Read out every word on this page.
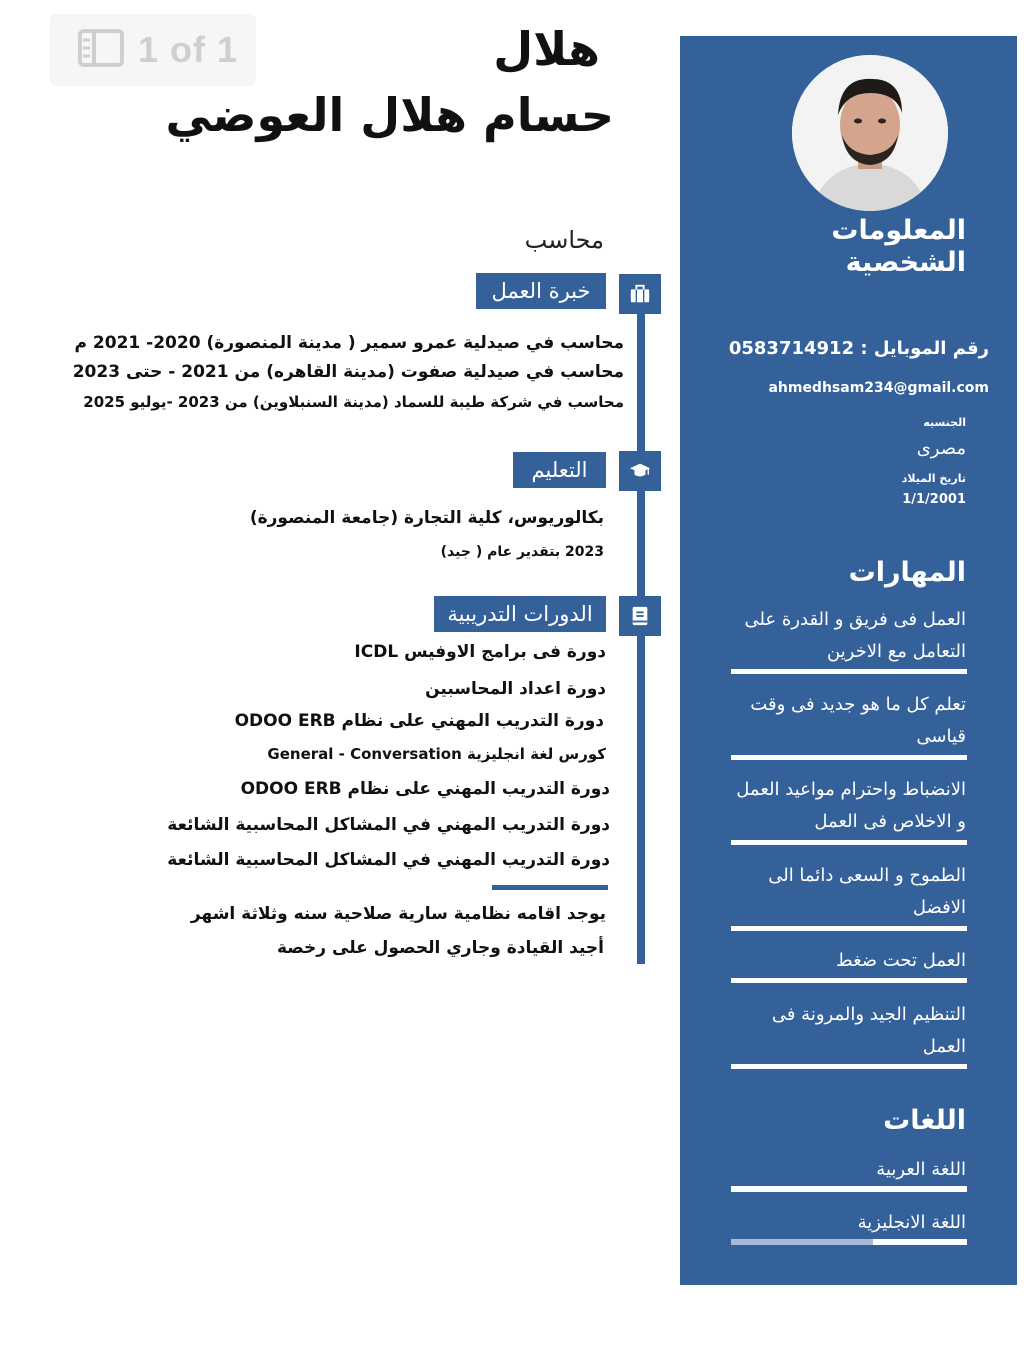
1 of 1	هلال
حسام هلال العوضي
محاسب
خبرة العمل
محاسب في صيدلية عمرو سمير ( مدينة المنصورة) 2020- 2021 م
محاسب في صيدلية صفوت (مدينة القاهره) من 2021 - حتى 2023
محاسب في شركة طيبة للسماد (مدينة السنبلاوين) من 2023 -يوليو 2025
التعليم
بكالوريوس، كلية التجارة (جامعة المنصورة)
2023 بتقدير عام ( جيد)
الدورات التدريبية
دورة فى برامج الاوفيس ICDL
دورة اعداد المحاسبين
دورة التدريب المهني على نظام ODOO ERB
كورس لغة انجليزية General - Conversation
دورة التدريب المهني على نظام ODOO ERB
دورة التدريب المهني في المشاكل المحاسبية الشائعة
دورة التدريب المهني في المشاكل المحاسبية الشائعة
يوجد اقامه نظامية سارية صلاحية سنه وثلاثة اشهر
أجيد القيادة وجاري الحصول على رخصة
المعلومات
الشخصية
رقم الموبايل : 0583714912
ahmedhsam234@gmail.com
الجنسيه
مصرى
تاريخ الميلاد
1/1/2001
المهارات
العمل فى فريق و القدرة على التعامل مع الاخرين
تعلم كل ما هو جديد فى وقت قياسى
الانضباط واحترام مواعيد العمل و الاخلاص فى العمل
الطموح و السعى دائما الى الافضل
العمل تحت ضغط
التنظيم الجيد والمرونة فى العمل
اللغات
اللغة العربية
اللغة الانجليزية
